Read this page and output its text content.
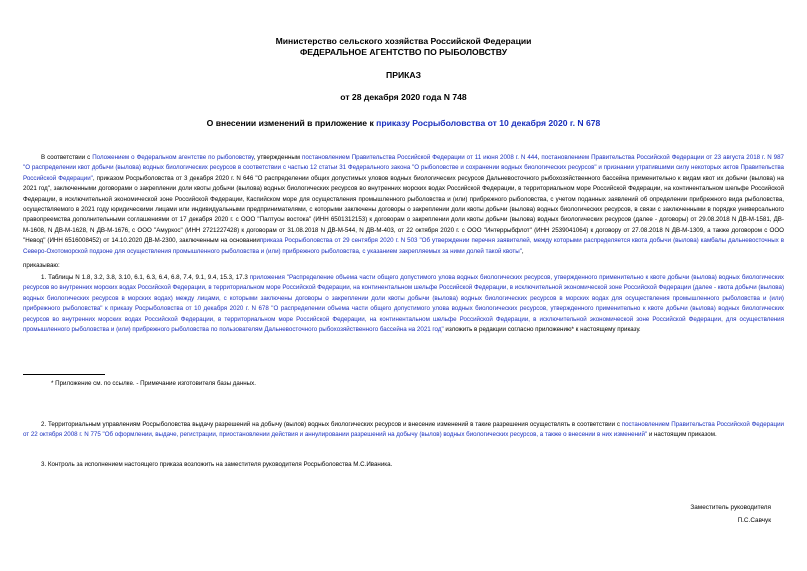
Министерство сельского хозяйства Российской Федерации
ФЕДЕРАЛЬНОЕ АГЕНТСТВО ПО РЫБОЛОВСТВУ
ПРИКАЗ
от 28 декабря 2020 года N 748
О внесении изменений в приложение к приказу Росрыболовства от 10 декабря 2020 г. N 678
В соответствии с Положением о Федеральном агентстве по рыболовству, утвержденным постановлением Правительства Российской Федерации от 11 июня 2008 г. N 444, постановлением Правительства Российской Федерации от 23 августа 2018 г. N 987 "О распределении квот добычи (вылова) водных биологических ресурсов в соответствии с частью 12 статьи 31 Федерального закона "О рыболовстве и сохранении водных биологических ресурсов" и признании утратившими силу некоторых актов Правительства Российской Федерации", приказом Росрыболовства от 3 декабря 2020 г. N 646 "О распределении общих допустимых уловов водных биологических ресурсов Дальневосточного рыбохозяйственного бассейна применительно к видам квот их добычи (вылова) на 2021 год", заключенными договорами о закреплении доли квоты добычи (вылова) водных биологических ресурсов во внутренних морских водах Российской Федерации, в территориальном море Российской Федерации, на континентальном шельфе Российской Федерации, в исключительной экономической зоне Российской Федерации, Каспийском море для осуществления промышленного рыболовства и (или) прибрежного рыболовства, с учетом поданных заявлений об определении прибрежного вида рыболовства, осуществляемого в 2021 году юридическими лицами или индивидуальными предпринимателями, с которыми заключены договоры о закреплении доли квоты добычи (вылова) водных биологических ресурсов, в связи с заключенными в порядке универсального правопреемства дополнительными соглашениями от 17 декабря 2020 г. с ООО "Палтусы востока" (ИНН 6501312153) к договорам о закреплении доли квоты добычи (вылова) водных биологических ресурсов (далее - договоры) от 29.08.2018 N ДВ-М-1581, ДВ-М-1608, N ДВ-М-1628, N ДВ-М-1676, с ООО "Амуркос" (ИНН 2721227428) к договорам от 31.08.2018 N ДВ-М-544, N ДВ-М-403, от 22 октября 2020 г. с ООО "Интеррыбфлот" (ИНН 2539041064) к договору от 27.08.2018 N ДВ-М-1309, а также договором с ООО "Невод" (ИНН 6516008452) от 14.10.2020 ДВ-М-2300, заключенным на основанииприказа Росрыболовства от 29 сентября 2020 г. N 503 "Об утверждении перечня заявителей, между которыми распределяется квота добычи (вылова) камбалы дальневосточных в Северо-Охотоморской подзоне для осуществления промышленного рыболовства и (или) прибрежного рыболовства, с указанием закрепляемых за ними долей такой квоты",
приказываю:
1. Таблицы N 1.8, 3.2, 3.8, 3.10, 6.1, 6.3, 6.4, 6.8, 7.4, 9.1, 9.4, 15.3, 17.3 приложения "Распределение объема части общего допустимого улова водных биологических ресурсов, утвержденного применительно к квоте добычи (вылова) водных биологических ресурсов во внутренних морских водах Российской Федерации, в территориальном море Российской Федерации, на континентальном шельфе Российской Федерации, в исключительной экономической зоне Российской Федерации (далее - квота добычи (вылова) водных биологических ресурсов в морских водах) между лицами, с которыми заключены договоры о закреплении доли квоты добычи (вылова) водных биологических ресурсов в морских водах для осуществления промышленного рыболовства и (или) прибрежного рыболовства" к приказу Росрыболовства от 10 декабря 2020 г. N 678 "О распределении объема части общего допустимого улова водных биологических ресурсов, утвержденного применительно к квоте добычи (вылова) водных биологических ресурсов во внутренних морских водах Российской Федерации, в территориальном море Российской Федерации, на континентальном шельфе Российской Федерации, в исключительной экономической зоне Российской Федерации, для осуществления промышленного рыболовства и (или) прибрежного рыболовства по пользователям Дальневосточного рыбохозяйственного бассейна на 2021 год" изложить в редакции согласно приложению* к настоящему приказу.
* Приложение см. по ссылке. - Примечание изготовителя базы данных.
2. Территориальным управлениям Росрыболовства выдачу разрешений на добычу (вылов) водных биологических ресурсов и внесение изменений в такие разрешения осуществлять в соответствии с постановлением Правительства Российской Федерации от 22 октября 2008 г. N 775 "Об оформлении, выдаче, регистрации, приостановлении действия и аннулировании разрешений на добычу (вылов) водных биологических ресурсов, а также о внесении в них изменений" и настоящим приказом.
3. Контроль за исполнением настоящего приказа возложить на заместителя руководителя Росрыболовства М.С.Иваника.
Заместитель руководителя
П.С.Савчук
